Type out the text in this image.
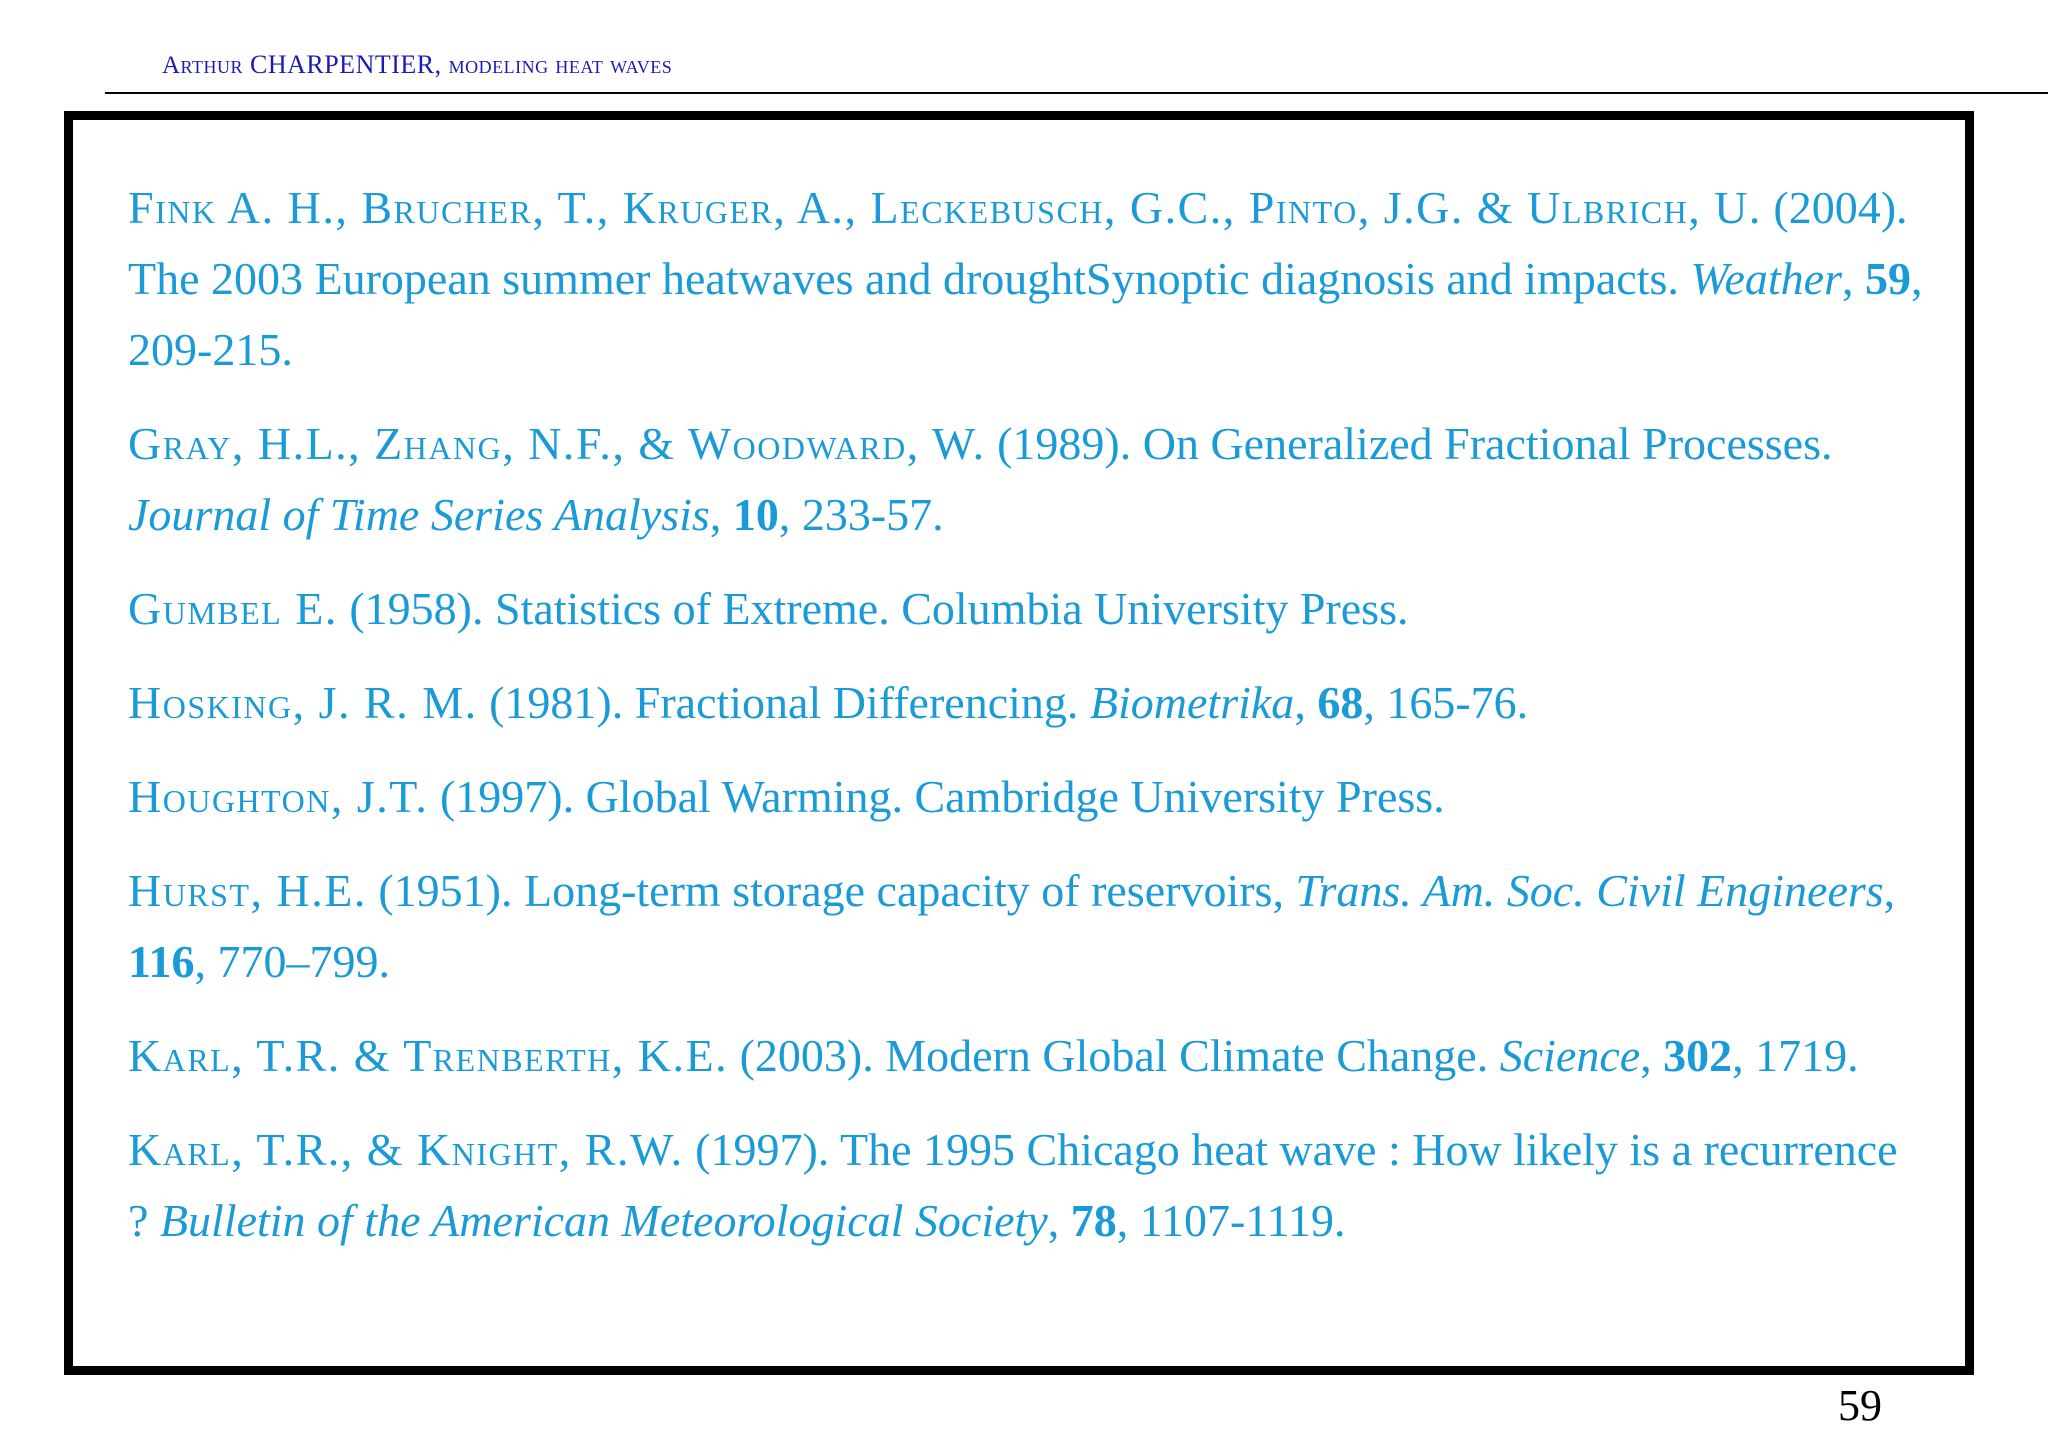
Arthur CHARPENTIER, modeling heat waves
Fink A. H., Brucher, T., Kruger, A., Leckebusch, G.C., Pinto, J.G. & Ulbrich, U. (2004). The 2003 European summer heatwaves and droughtSynoptic diagnosis and impacts. Weather, 59, 209-215.
Gray, H.L., Zhang, N.F., & Woodward, W. (1989). On Generalized Fractional Processes. Journal of Time Series Analysis, 10, 233-57.
Gumbel E. (1958). Statistics of Extreme. Columbia University Press.
Hosking, J. R. M. (1981). Fractional Differencing. Biometrika, 68, 165-76.
Houghton, J.T. (1997). Global Warming. Cambridge University Press.
Hurst, H.E. (1951). Long-term storage capacity of reservoirs, Trans. Am. Soc. Civil Engineers, 116, 770–799.
Karl, T.R. & Trenberth, K.E. (2003). Modern Global Climate Change. Science, 302, 1719.
Karl, T.R., & Knight, R.W. (1997). The 1995 Chicago heat wave : How likely is a recurrence ? Bulletin of the American Meteorological Society, 78, 1107-1119.
59
